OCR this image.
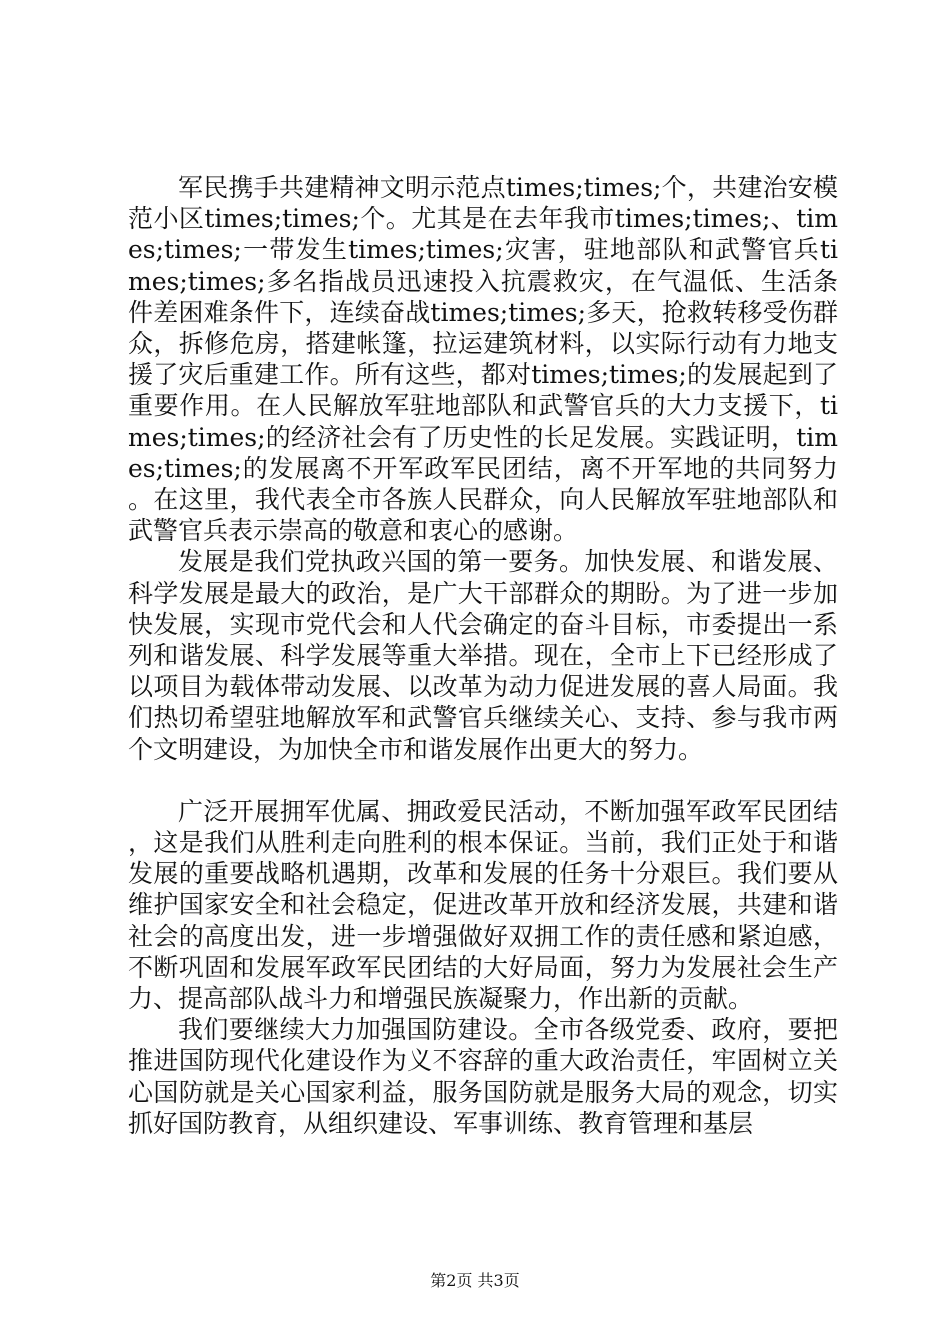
军民携手共建精神文明示范点times;times;个，共建治安模范小区times;times;个。尤其是在去年我市times;times;、times;times;一带发生times;times;灾害，驻地部队和武警官兵times;times;多名指战员迅速投入抗震救灾，在气温低、生活条件差困难条件下，连续奋战times;times;多天，抢救转移受伤群众，拆修危房，搭建帐篷，拉运建筑材料，以实际行动有力地支援了灾后重建工作。所有这些，都对times;times;的发展起到了重要作用。在人民解放军驻地部队和武警官兵的大力支援下，times;times;的经济社会有了历史性的长足发展。实践证明，times;times;的发展离不开军政军民团结，离不开军地的共同努力。在这里，我代表全市各族人民群众，向人民解放军驻地部队和武警官兵表示崇高的敬意和衷心的感谢。

发展是我们党执政兴国的第一要务。加快发展、和谐发展、科学发展是最大的政治，是广大干部群众的期盼。为了进一步加快发展，实现市党代会和人代会确定的奋斗目标，市委提出一系列和谐发展、科学发展等重大举措。现在，全市上下已经形成了以项目为载体带动发展、以改革为动力促进发展的喜人局面。我们热切希望驻地解放军和武警官兵继续关心、支持、参与我市两个文明建设，为加快全市和谐发展作出更大的努力。

广泛开展拥军优属、拥政爱民活动，不断加强军政军民团结，这是我们从胜利走向胜利的根本保证。当前，我们正处于和谐发展的重要战略机遇期，改革和发展的任务十分艰巨。我们要从维护国家安全和社会稳定，促进改革开放和经济发展，共建和谐社会的高度出发，进一步增强做好双拥工作的责任感和紧迫感，不断巩固和发展军政军民团结的大好局面，努力为发展社会生产力、提高部队战斗力和增强民族凝聚力，作出新的贡献。

我们要继续大力加强国防建设。全市各级党委、政府，要把推进国防现代化建设作为义不容辞的重大政治责任，牢固树立关心国防就是关心国家利益，服务国防就是服务大局的观念，切实抓好国防教育，从组织建设、军事训练、教育管理和基层

第2页 共3页
